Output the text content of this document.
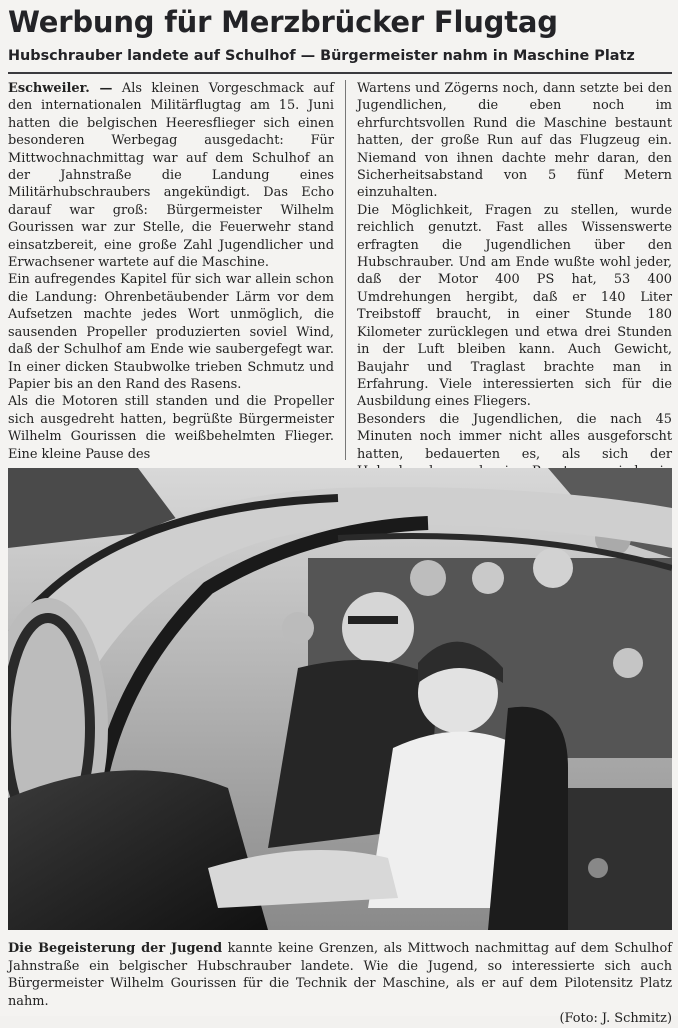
Werbung für Merzbrücker Flugtag
Hubschrauber landete auf Schulhof — Bürgermeister nahm in Maschine Platz

Eschweiler. — Als kleinen Vorgeschmack auf den internationalen Militärflugtag am 15. Juni hatten die belgischen Heeresflieger sich einen besonderen Werbegag ausgedacht: Für Mittwochnachmittag war auf dem Schulhof an der Jahnstraße die Landung eines Militärhubschraubers angekündigt. Das Echo darauf war groß: Bürgermeister Wilhelm Gourissen war zur Stelle, die Feuerwehr stand einsatzbereit, eine große Zahl Jugendlicher und Erwachsener wartete auf die Maschine.

Ein aufregendes Kapitel für sich war allein schon die Landung: Ohrenbetäubender Lärm vor dem Aufsetzen machte jedes Wort unmöglich, die sausenden Propeller produzierten soviel Wind, daß der Schulhof am Ende wie saubergefegt war. In einer dicken Staubwolke trieben Schmutz und Papier bis an den Rand des Rasens.

Als die Motoren still standen und die Propeller sich ausgedreht hatten, begrüßte Bürgermeister Wilhelm Gourissen die weißbehelmten Flieger. Eine kleine Pause des

Wartens und Zögerns noch, dann setzte bei den Jugendlichen, die eben noch im ehrfurchtsvollen Rund die Maschine bestaunt hatten, der große Run auf das Flugzeug ein. Niemand von ihnen dachte mehr daran, den Sicherheitsabstand von 5 fünf Metern einzuhalten.

Die Möglichkeit, Fragen zu stellen, wurde reichlich genutzt. Fast alles Wissenswerte erfragten die Jugendlichen über den Hubschrauber. Und am Ende wußte wohl jeder, daß der Motor 400 PS hat, 53 400 Umdrehungen hergibt, daß er 140 Liter Treibstoff braucht, in einer Stunde 180 Kilometer zurücklegen und etwa drei Stunden in der Luft bleiben kann. Auch Gewicht, Baujahr und Traglast brachte man in Erfahrung. Viele interessierten sich für die Ausbildung eines Fliegers.

Besonders die Jugendlichen, die nach 45 Minuten noch immer nicht alles ausgeforscht hatten, bedauerten es, als sich der

Die Begeisterung der Jugend kannte keine Grenzen, als Mittwoch nachmittag auf dem Schulhof Jahnstraße ein belgischer Hubschrauber landete. Wie die Jugend, so interessierte sich auch Bürgermeister Wilhelm Gourissen für die Technik der Maschine, als er auf dem Pilotensitz Platz nahm.
(Foto: J. Schmitz)
